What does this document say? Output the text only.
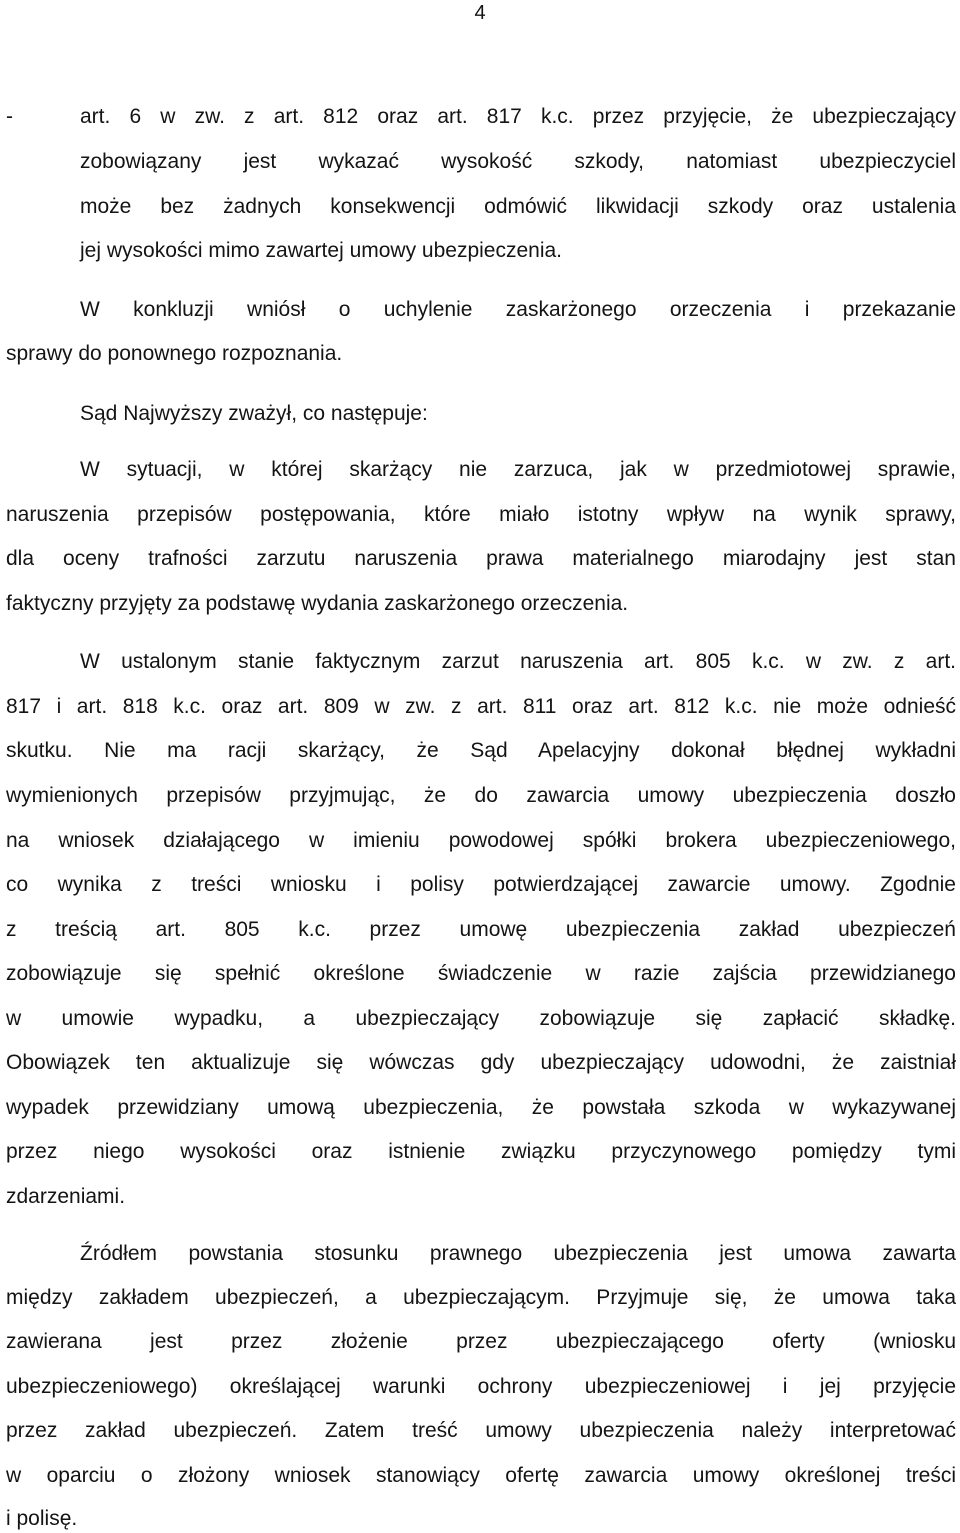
4
-	art. 6 w zw. z art. 812 oraz art. 817 k.c. przez przyjęcie, że ubezpieczający
zobowiązany jest wykazać wysokość szkody, natomiast ubezpieczyciel
może bez żadnych konsekwencji odmówić likwidacji szkody oraz ustalenia
jej wysokości mimo zawartej umowy ubezpieczenia.
W konkluzji wniósł o uchylenie zaskarżonego orzeczenia i przekazanie
sprawy do ponownego rozpoznania.
Sąd Najwyższy zważył, co następuje:
W sytuacji, w której skarżący nie zarzuca, jak w przedmiotowej sprawie,
naruszenia przepisów postępowania, które miało istotny wpływ na wynik sprawy,
dla oceny trafności zarzutu naruszenia prawa materialnego miarodajny jest stan
faktyczny przyjęty za podstawę wydania zaskarżonego orzeczenia.
W ustalonym stanie faktycznym zarzut naruszenia art. 805 k.c. w zw. z art.
817 i art. 818 k.c. oraz art. 809 w zw. z art. 811 oraz art. 812 k.c. nie może odnieść
skutku. Nie ma racji skarżący, że Sąd Apelacyjny dokonał błędnej wykładni
wymienionych przepisów przyjmując, że do zawarcia umowy ubezpieczenia doszło
na wniosek działającego w imieniu powodowej spółki brokera ubezpieczeniowego,
co wynika z treści wniosku i polisy potwierdzającej zawarcie umowy. Zgodnie
z treścią art. 805 k.c. przez umowę ubezpieczenia zakład ubezpieczeń
zobowiązuje się spełnić określone świadczenie w razie zajścia przewidzianego
w umowie wypadku, a ubezpieczający zobowiązuje się zapłacić składkę.
Obowiązek ten aktualizuje się wówczas gdy ubezpieczający udowodni, że zaistniał
wypadek przewidziany umową ubezpieczenia, że powstała szkoda w wykazywanej
przez niego wysokości oraz istnienie związku przyczynowego pomiędzy tymi
zdarzeniami.
Źródłem powstania stosunku prawnego ubezpieczenia jest umowa zawarta
między zakładem ubezpieczeń, a ubezpieczającym. Przyjmuje się, że umowa taka
zawierana jest przez złożenie przez ubezpieczającego oferty (wniosku
ubezpieczeniowego) określającej warunki ochrony ubezpieczeniowej i jej przyjęcie
przez zakład ubezpieczeń. Zatem treść umowy ubezpieczenia należy interpretować
w oparciu o złożony wniosek stanowiący ofertę zawarcia umowy określonej treści
i polisę.
